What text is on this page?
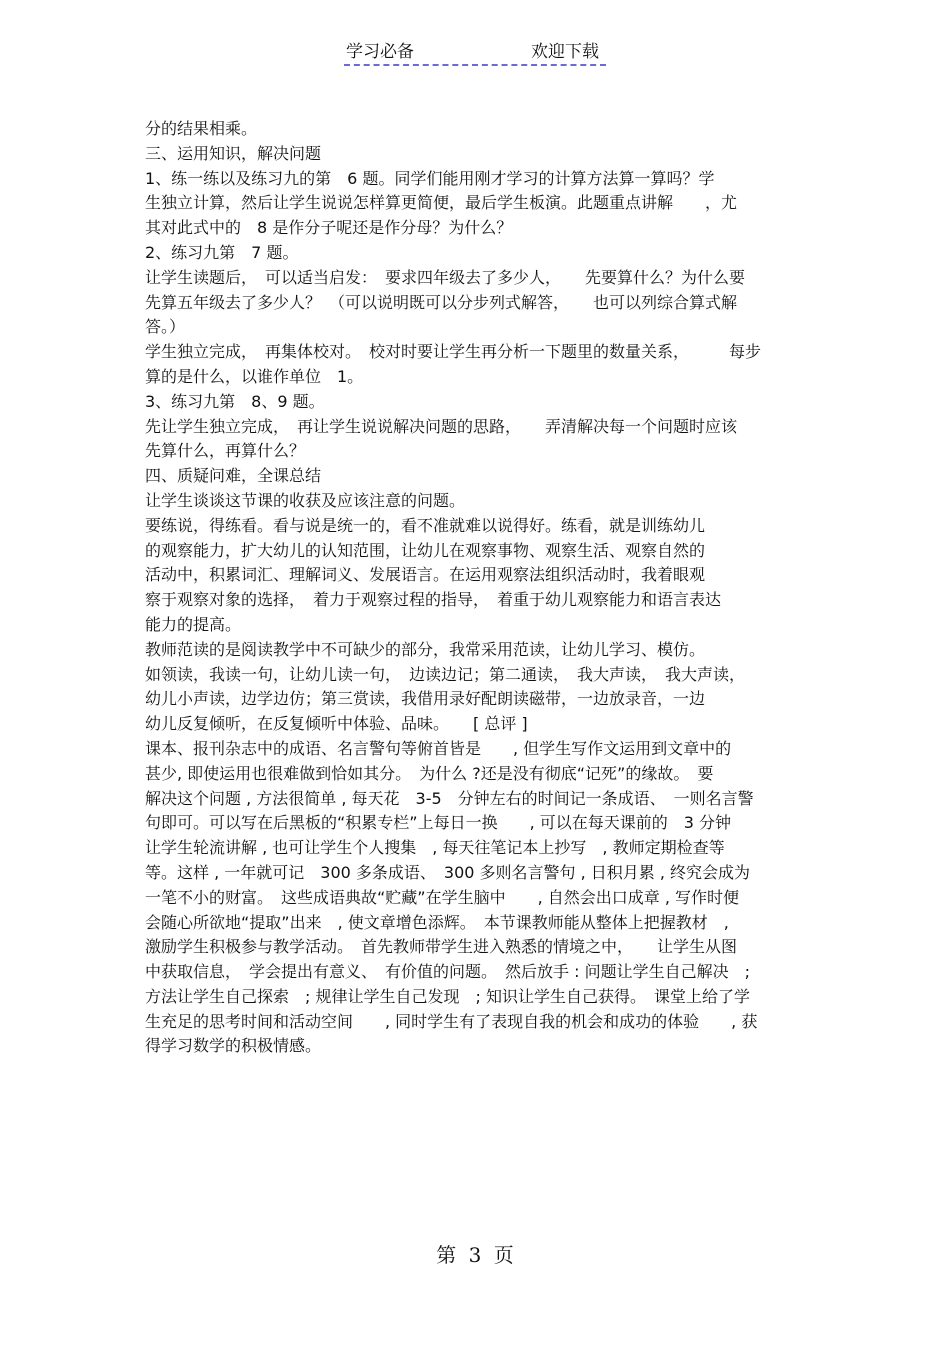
学习必备	欢迎下载
分的结果相乘。
三、运用知识，解决问题
1、练一练以及练习九的第　6 题。同学们能用刚才学习的计算方法算一算吗？学
生独立计算，然后让学生说说怎样算更简便，最后学生板演。此题重点讲解　　，尤
其对此式中的　8 是作分子呢还是作分母？为什么？
2、练习九第　7 题。
让学生读题后，　可以适当启发：　要求四年级去了多少人，　　先要算什么？为什么要
先算五年级去了多少人？　（可以说明既可以分步列式解答，　　也可以列综合算式解
答。）
学生独立完成，　再集体校对。　校对时要让学生再分析一下题里的数量关系，　　　每步
算的是什么，以谁作单位　1。
3、练习九第　8、9 题。
先让学生独立完成，　再让学生说说解决问题的思路，　　弄清解决每一个问题时应该
先算什么，再算什么？
四、质疑问难，全课总结
让学生谈谈这节课的收获及应该注意的问题。
要练说，得练看。看与说是统一的，看不准就难以说得好。练看，就是训练幼儿
的观察能力，扩大幼儿的认知范围，让幼儿在观察事物、观察生活、观察自然的
活动中，积累词汇、理解词义、发展语言。在运用观察法组织活动时，我着眼观
察于观察对象的选择，　着力于观察过程的指导，　着重于幼儿观察能力和语言表达
能力的提高。
教师范读的是阅读教学中不可缺少的部分，我常采用范读，让幼儿学习、模仿。
如领读，我读一句，让幼儿读一句，　边读边记；第二通读，　我大声读，　我大声读，
幼儿小声读，边学边仿；第三赏读，我借用录好配朗读磁带，一边放录音，一边
幼儿反复倾听，在反复倾听中体验、品味。　　[ 总评 ]
课本、报刊杂志中的成语、名言警句等俯首皆是　　, 但学生写作文运用到文章中的
甚少, 即使运用也很难做到恰如其分。　为什么 ?还是没有彻底“记死”的缘故。　要
解决这个问题 , 方法很简单 , 每天花　3-5　分钟左右的时间记一条成语、　一则名言警
句即可。可以写在后黑板的“积累专栏”上每日一换　　, 可以在每天课前的　3 分钟
让学生轮流讲解 , 也可让学生个人搜集　, 每天往笔记本上抄写　, 教师定期检查等
等。这样 , 一年就可记　300 多条成语、　300 多则名言警句 , 日积月累 , 终究会成为
一笔不小的财富。　这些成语典故“贮藏”在学生脑中　　, 自然会出口成章 , 写作时便
会随心所欲地“提取”出来　, 使文章增色添辉。　本节课教师能从整体上把握教材　,
激励学生积极参与教学活动。　首先教师带学生进入熟悉的情境之中，　　让学生从图
中获取信息，　学会提出有意义、　有价值的问题。　然后放手 : 问题让学生自己解决　;
方法让学生自己探索　; 规律让学生自己发现　; 知识让学生自己获得。　课堂上给了学
生充足的思考时间和活动空间　　, 同时学生有了表现自我的机会和成功的体验　　, 获
得学习数学的积极情感。
第 3 页
